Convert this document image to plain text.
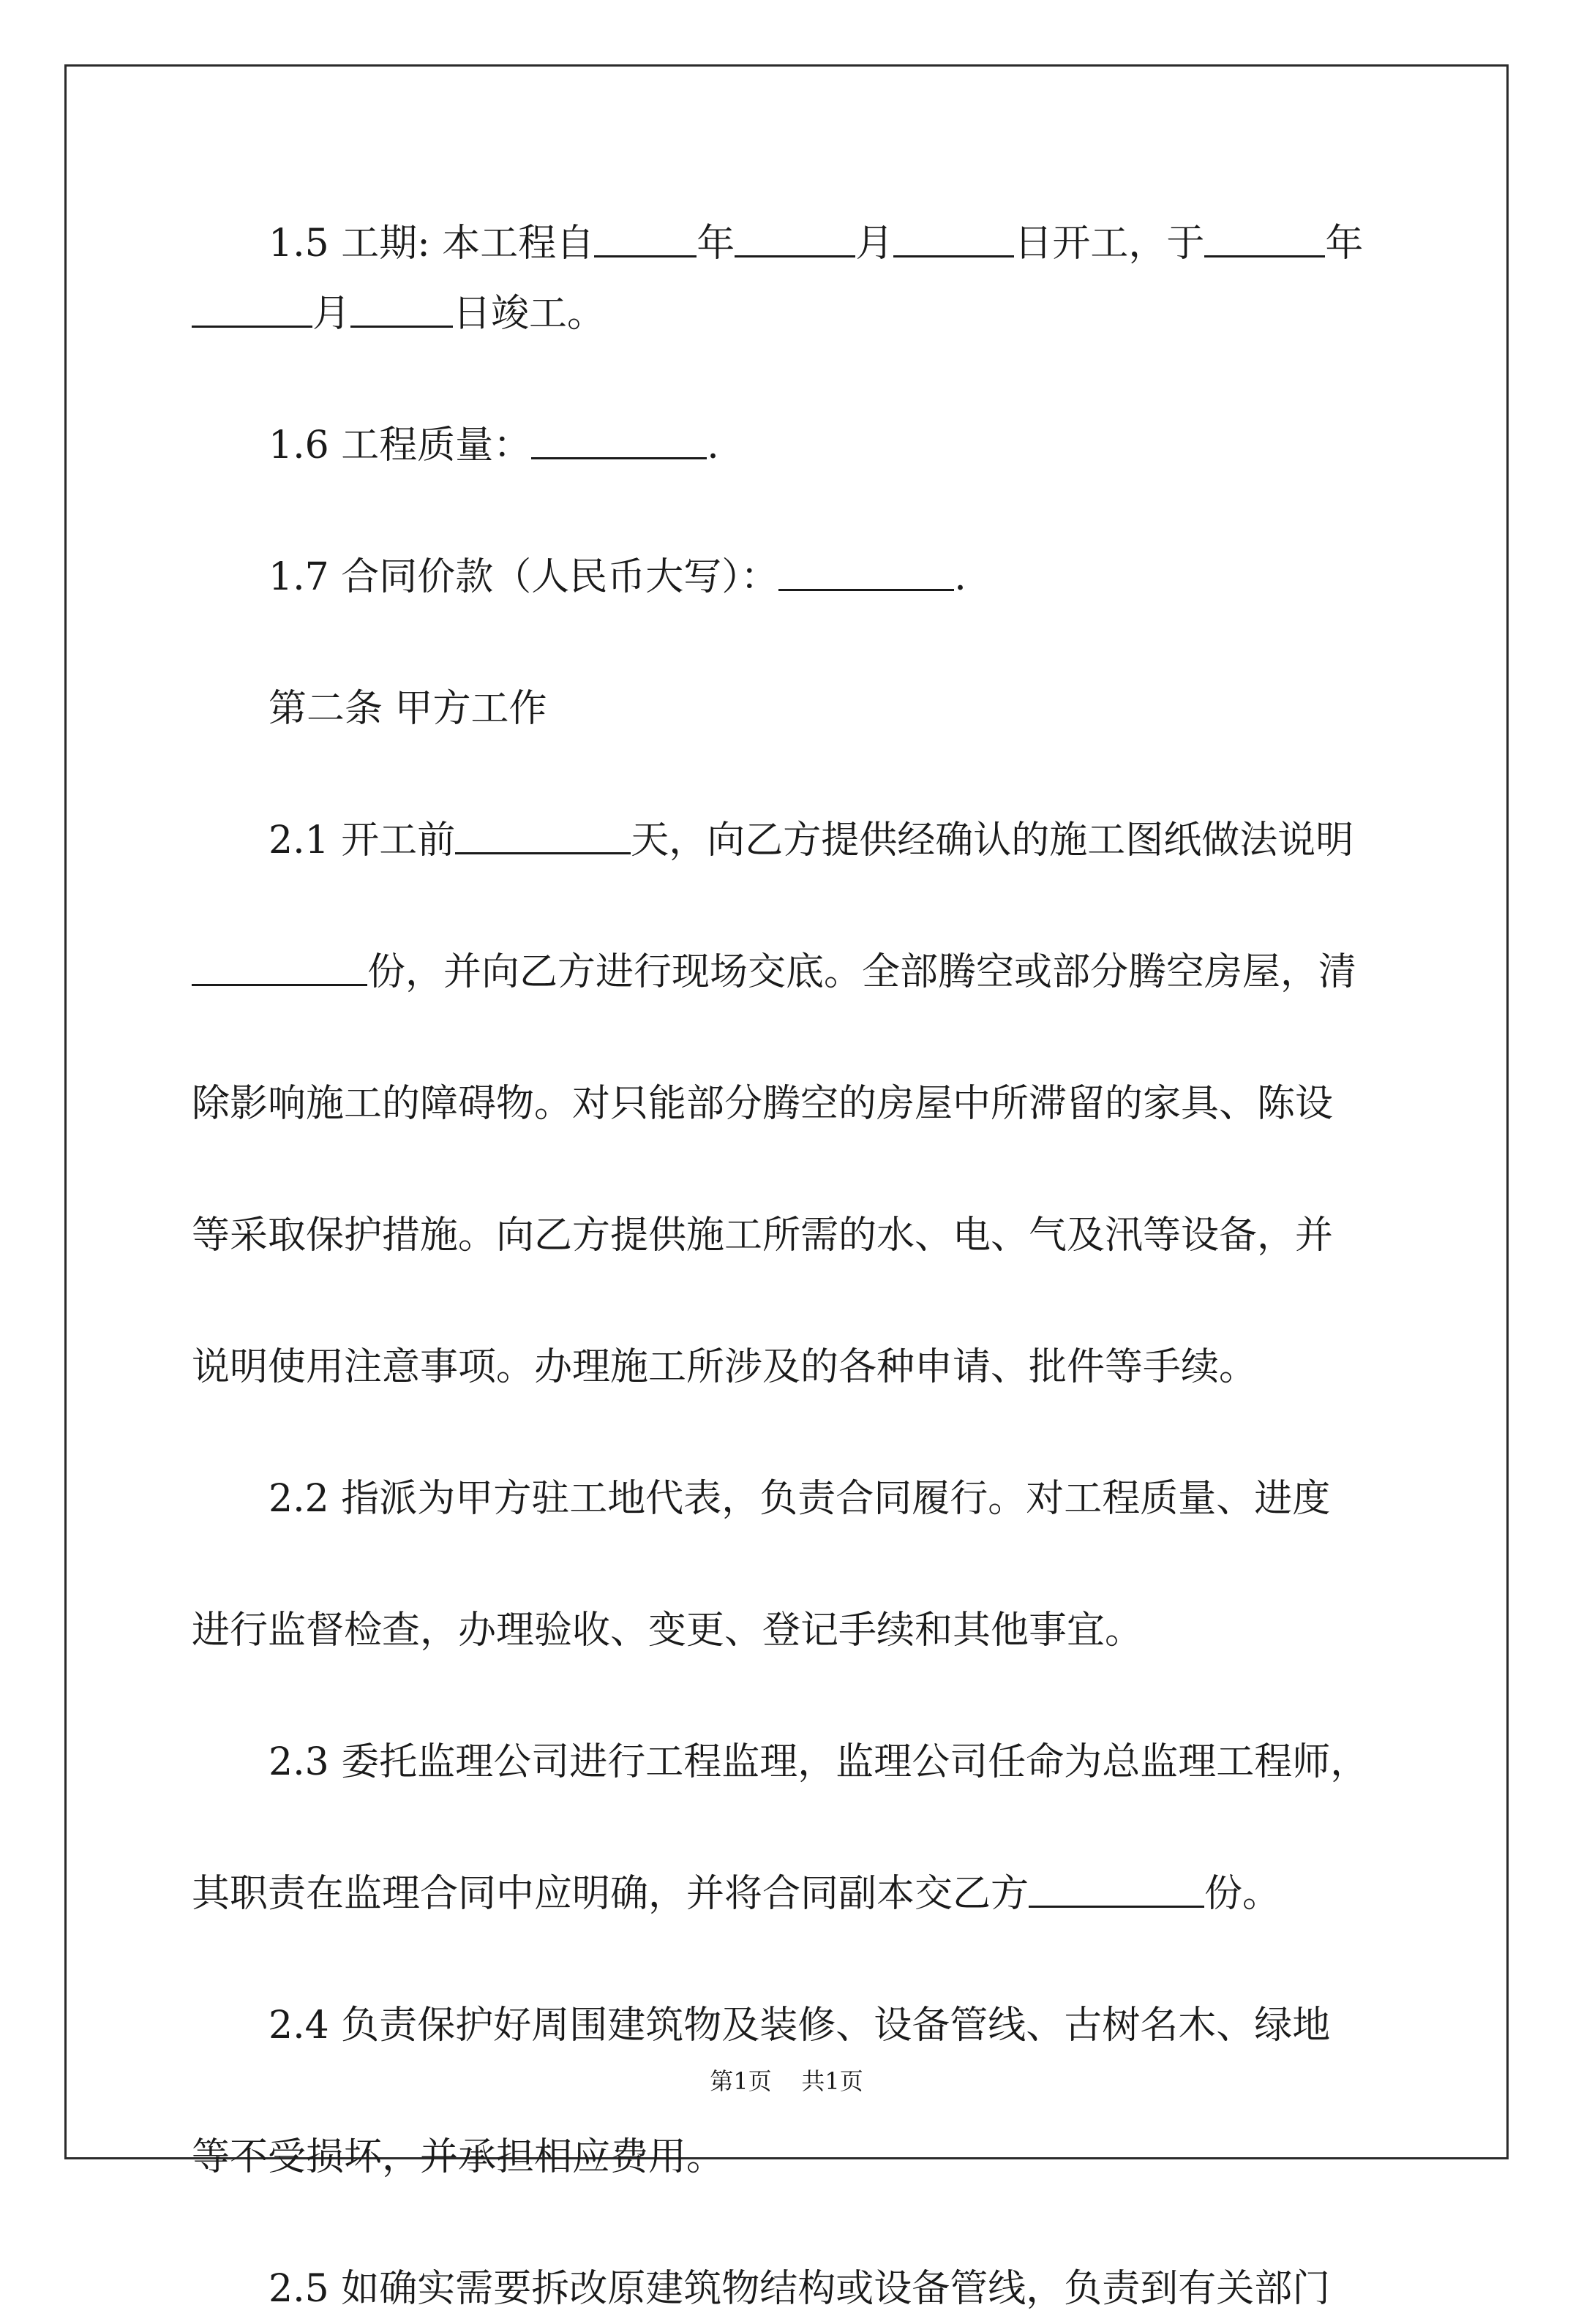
1.5 工期: 本工程自	年	月	日开工，于	年
月	日竣工。
1.6 工程质量：	.
1.7 合同价款（人民币大写）：	.
第二条 甲方工作
2.1 开工前	天，向乙方提供经确认的施工图纸做法说明
份，并向乙方进行现场交底。全部腾空或部分腾空房屋，清
除影响施工的障碍物。对只能部分腾空的房屋中所滞留的家具、陈设
等采取保护措施。向乙方提供施工所需的水、电、气及汛等设备，并
说明使用注意事项。办理施工所涉及的各种申请、批件等手续。
2.2 指派为甲方驻工地代表，负责合同履行。对工程质量、进度
进行监督检查，办理验收、变更、登记手续和其他事宜。
2.3 委托监理公司进行工程监理，监理公司任命为总监理工程师，
其职责在监理合同中应明确，并将合同副本交乙方	份。
2.4 负责保护好周围建筑物及装修、设备管线、古树名木、绿地
等不受损坏，并承担相应费用。
2.5 如确实需要拆改原建筑物结构或设备管线，负责到有关部门
第1页 共1页
